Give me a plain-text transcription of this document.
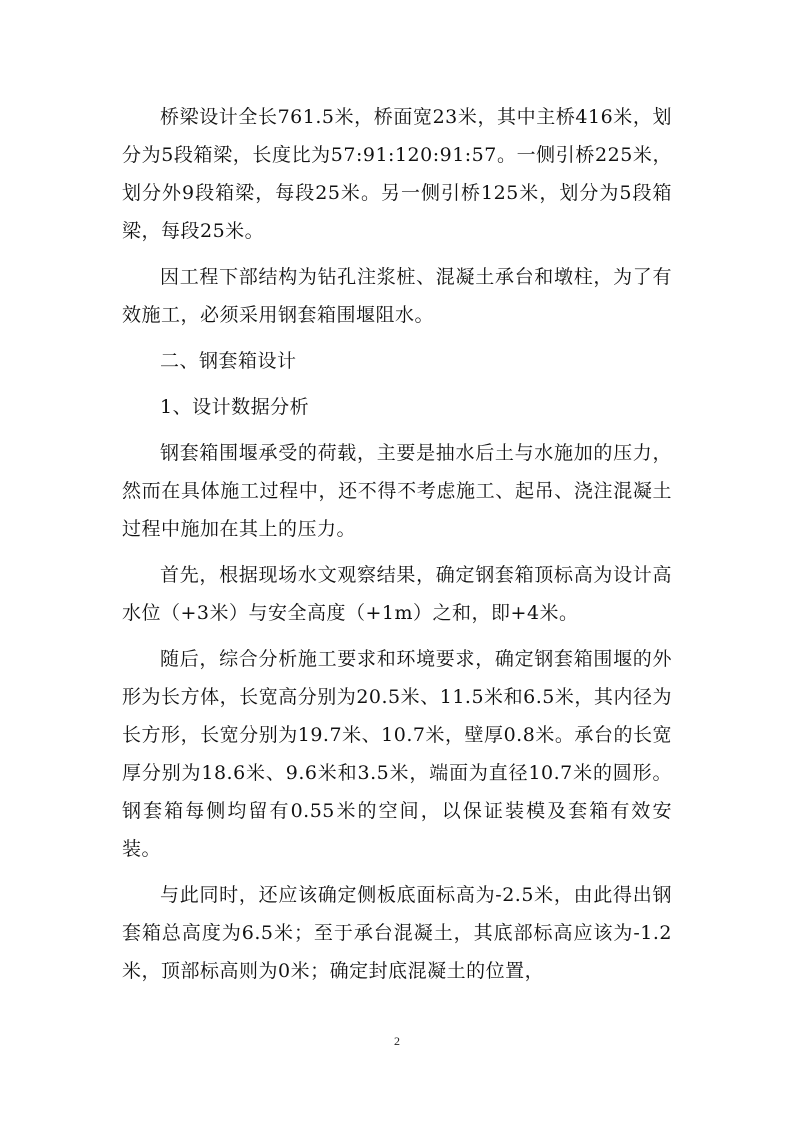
桥梁设计全长761.5米，桥面宽23米，其中主桥416米，划分为5段箱梁，长度比为57:91:120:91:57。一侧引桥225米，划分外9段箱梁，每段25米。另一侧引桥125米，划分为5段箱梁，每段25米。

因工程下部结构为钻孔注浆桩、混凝土承台和墩柱，为了有效施工，必须采用钢套箱围堰阻水。

二、钢套箱设计

1、设计数据分析

钢套箱围堰承受的荷载，主要是抽水后土与水施加的压力，然而在具体施工过程中，还不得不考虑施工、起吊、浇注混凝土过程中施加在其上的压力。

首先，根据现场水文观察结果，确定钢套箱顶标高为设计高水位（+3米）与安全高度（+1m）之和，即+4米。

随后，综合分析施工要求和环境要求，确定钢套箱围堰的外形为长方体，长宽高分别为20.5米、11.5米和6.5米，其内径为长方形，长宽分别为19.7米、10.7米，壁厚0.8米。承台的长宽厚分别为18.6米、9.6米和3.5米，端面为直径10.7米的圆形。钢套箱每侧均留有0.55米的空间，以保证装模及套箱有效安装。

与此同时，还应该确定侧板底面标高为-2.5米，由此得出钢套箱总高度为6.5米；至于承台混凝土，其底部标高应该为-1.2米，顶部标高则为0米；确定封底混凝土的位置，

2
